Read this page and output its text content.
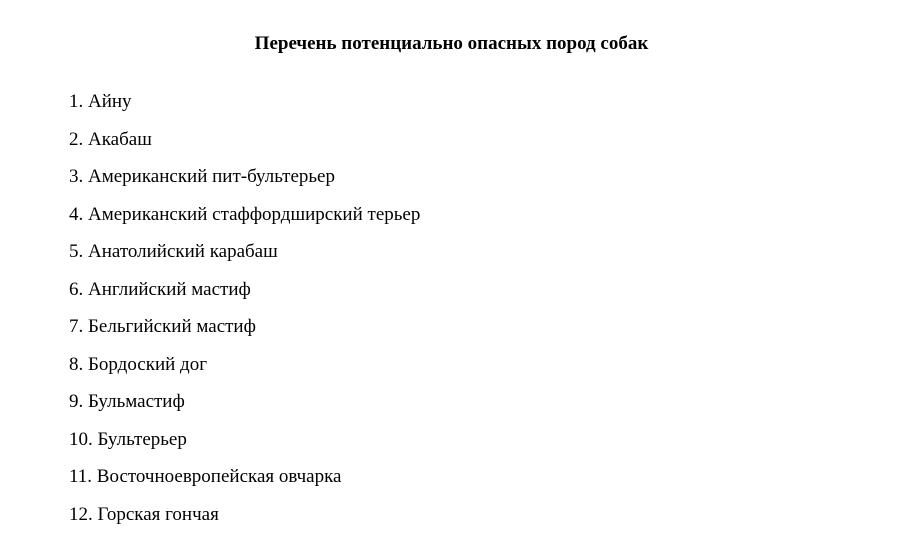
Перечень потенциально опасных пород собак
1. Айну
2. Акабаш
3. Американский пит-бультерьер
4. Американский стаффордширский терьер
5. Анатолийский карабаш
6. Английский мастиф
7. Бельгийский мастиф
8. Бордоский дог
9. Бульмастиф
10. Бультерьер
11. Восточноевропейская овчарка
12. Горская гончая
